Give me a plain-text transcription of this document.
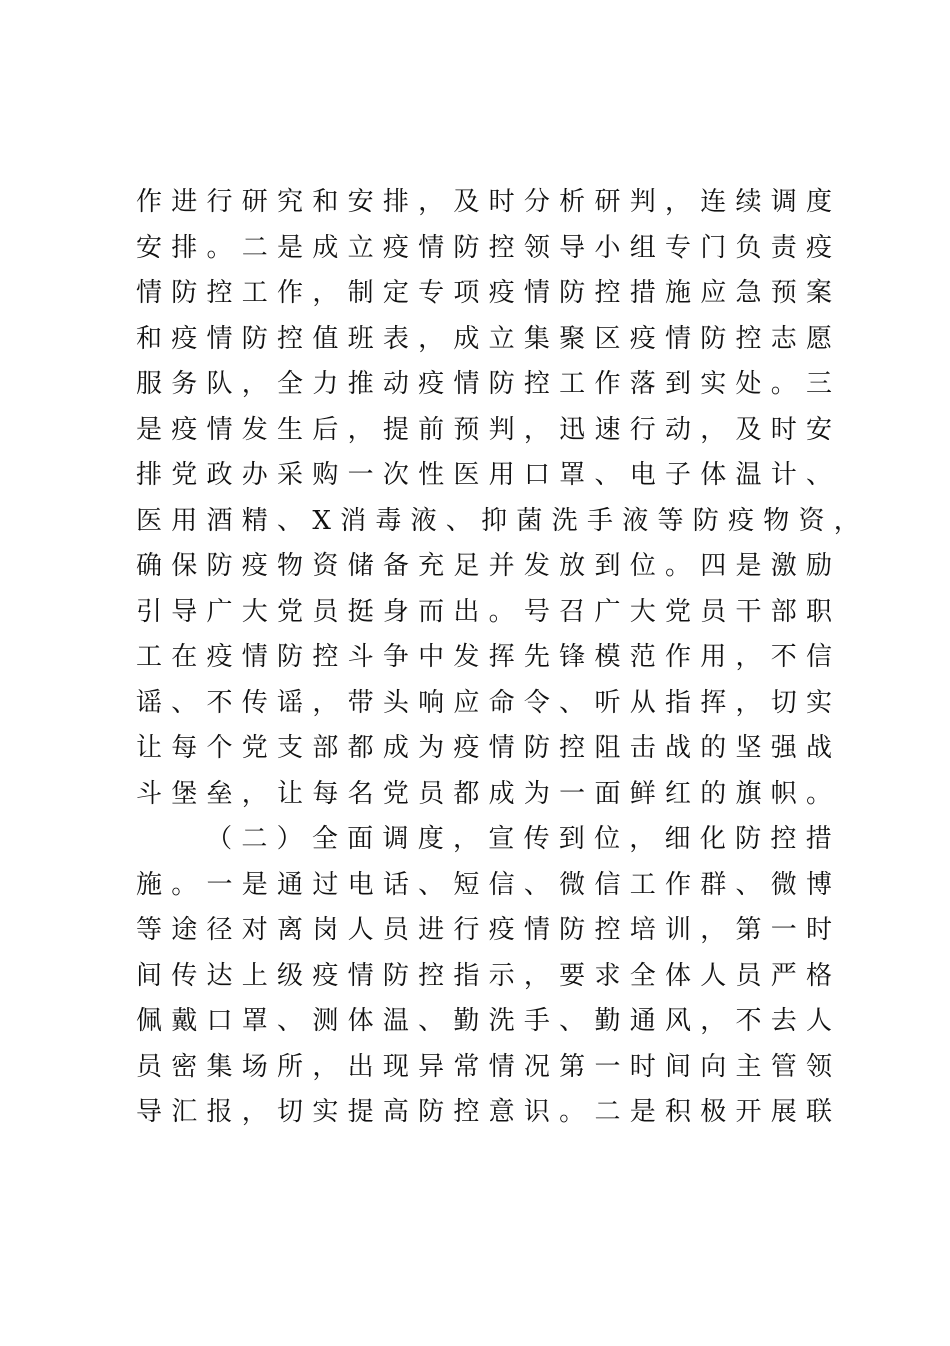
作 进 行 研 究 和 安 排 ， 及 时 分 析 研 判 ， 连 续 调 度
安 排 。 二 是 成 立 疫 情 防 控 领 导 小 组 专 门 负 责 疫
情 防 控 工 作 ， 制 定 专 项 疫 情 防 控 措 施 应 急 预 案
和 疫 情 防 控 值 班 表 ， 成 立 集 聚 区 疫 情 防 控 志 愿
服 务 队 ， 全 力 推 动 疫 情 防 控 工 作 落 到 实 处 。 三
是 疫 情 发 生 后 ， 提 前 预 判 ， 迅 速 行 动 ， 及 时 安
排 党 政 办 采 购 一 次 性 医 用 口 罩 、 电 子 体 温 计 、
医 用 酒 精 、 X 消 毒 液 、 抑 菌 洗 手 液 等 防 疫 物 资 ，
确 保 防 疫 物 资 储 备 充 足 并 发 放 到 位 。 四 是 激 励
引 导 广 大 党 员 挺 身 而 出 。 号 召 广 大 党 员 干 部 职
工 在 疫 情 防 控 斗 争 中 发 挥 先 锋 模 范 作 用 ， 不 信
谣 、 不 传 谣 ， 带 头 响 应 命 令 、 听 从 指 挥 ， 切 实
让 每 个 党 支 部 都 成 为 疫 情 防 控 阻 击 战 的 坚 强 战
斗 堡 垒 ， 让 每 名 党 员 都 成 为 一 面 鲜 红 的 旗 帜 。
（ 二 ） 全 面 调 度 ， 宣 传 到 位 ， 细 化 防 控 措
施 。 一 是 通 过 电 话 、 短 信 、 微 信 工 作 群 、 微 博
等 途 径 对 离 岗 人 员 进 行 疫 情 防 控 培 训 ， 第 一 时
间 传 达 上 级 疫 情 防 控 指 示 ， 要 求 全 体 人 员 严 格
佩 戴 口 罩 、 测 体 温 、 勤 洗 手 、 勤 通 风 ， 不 去 人
员 密 集 场 所 ， 出 现 异 常 情 况 第 一 时 间 向 主 管 领
导 汇 报 ， 切 实 提 高 防 控 意 识 。 二 是 积 极 开 展 联
